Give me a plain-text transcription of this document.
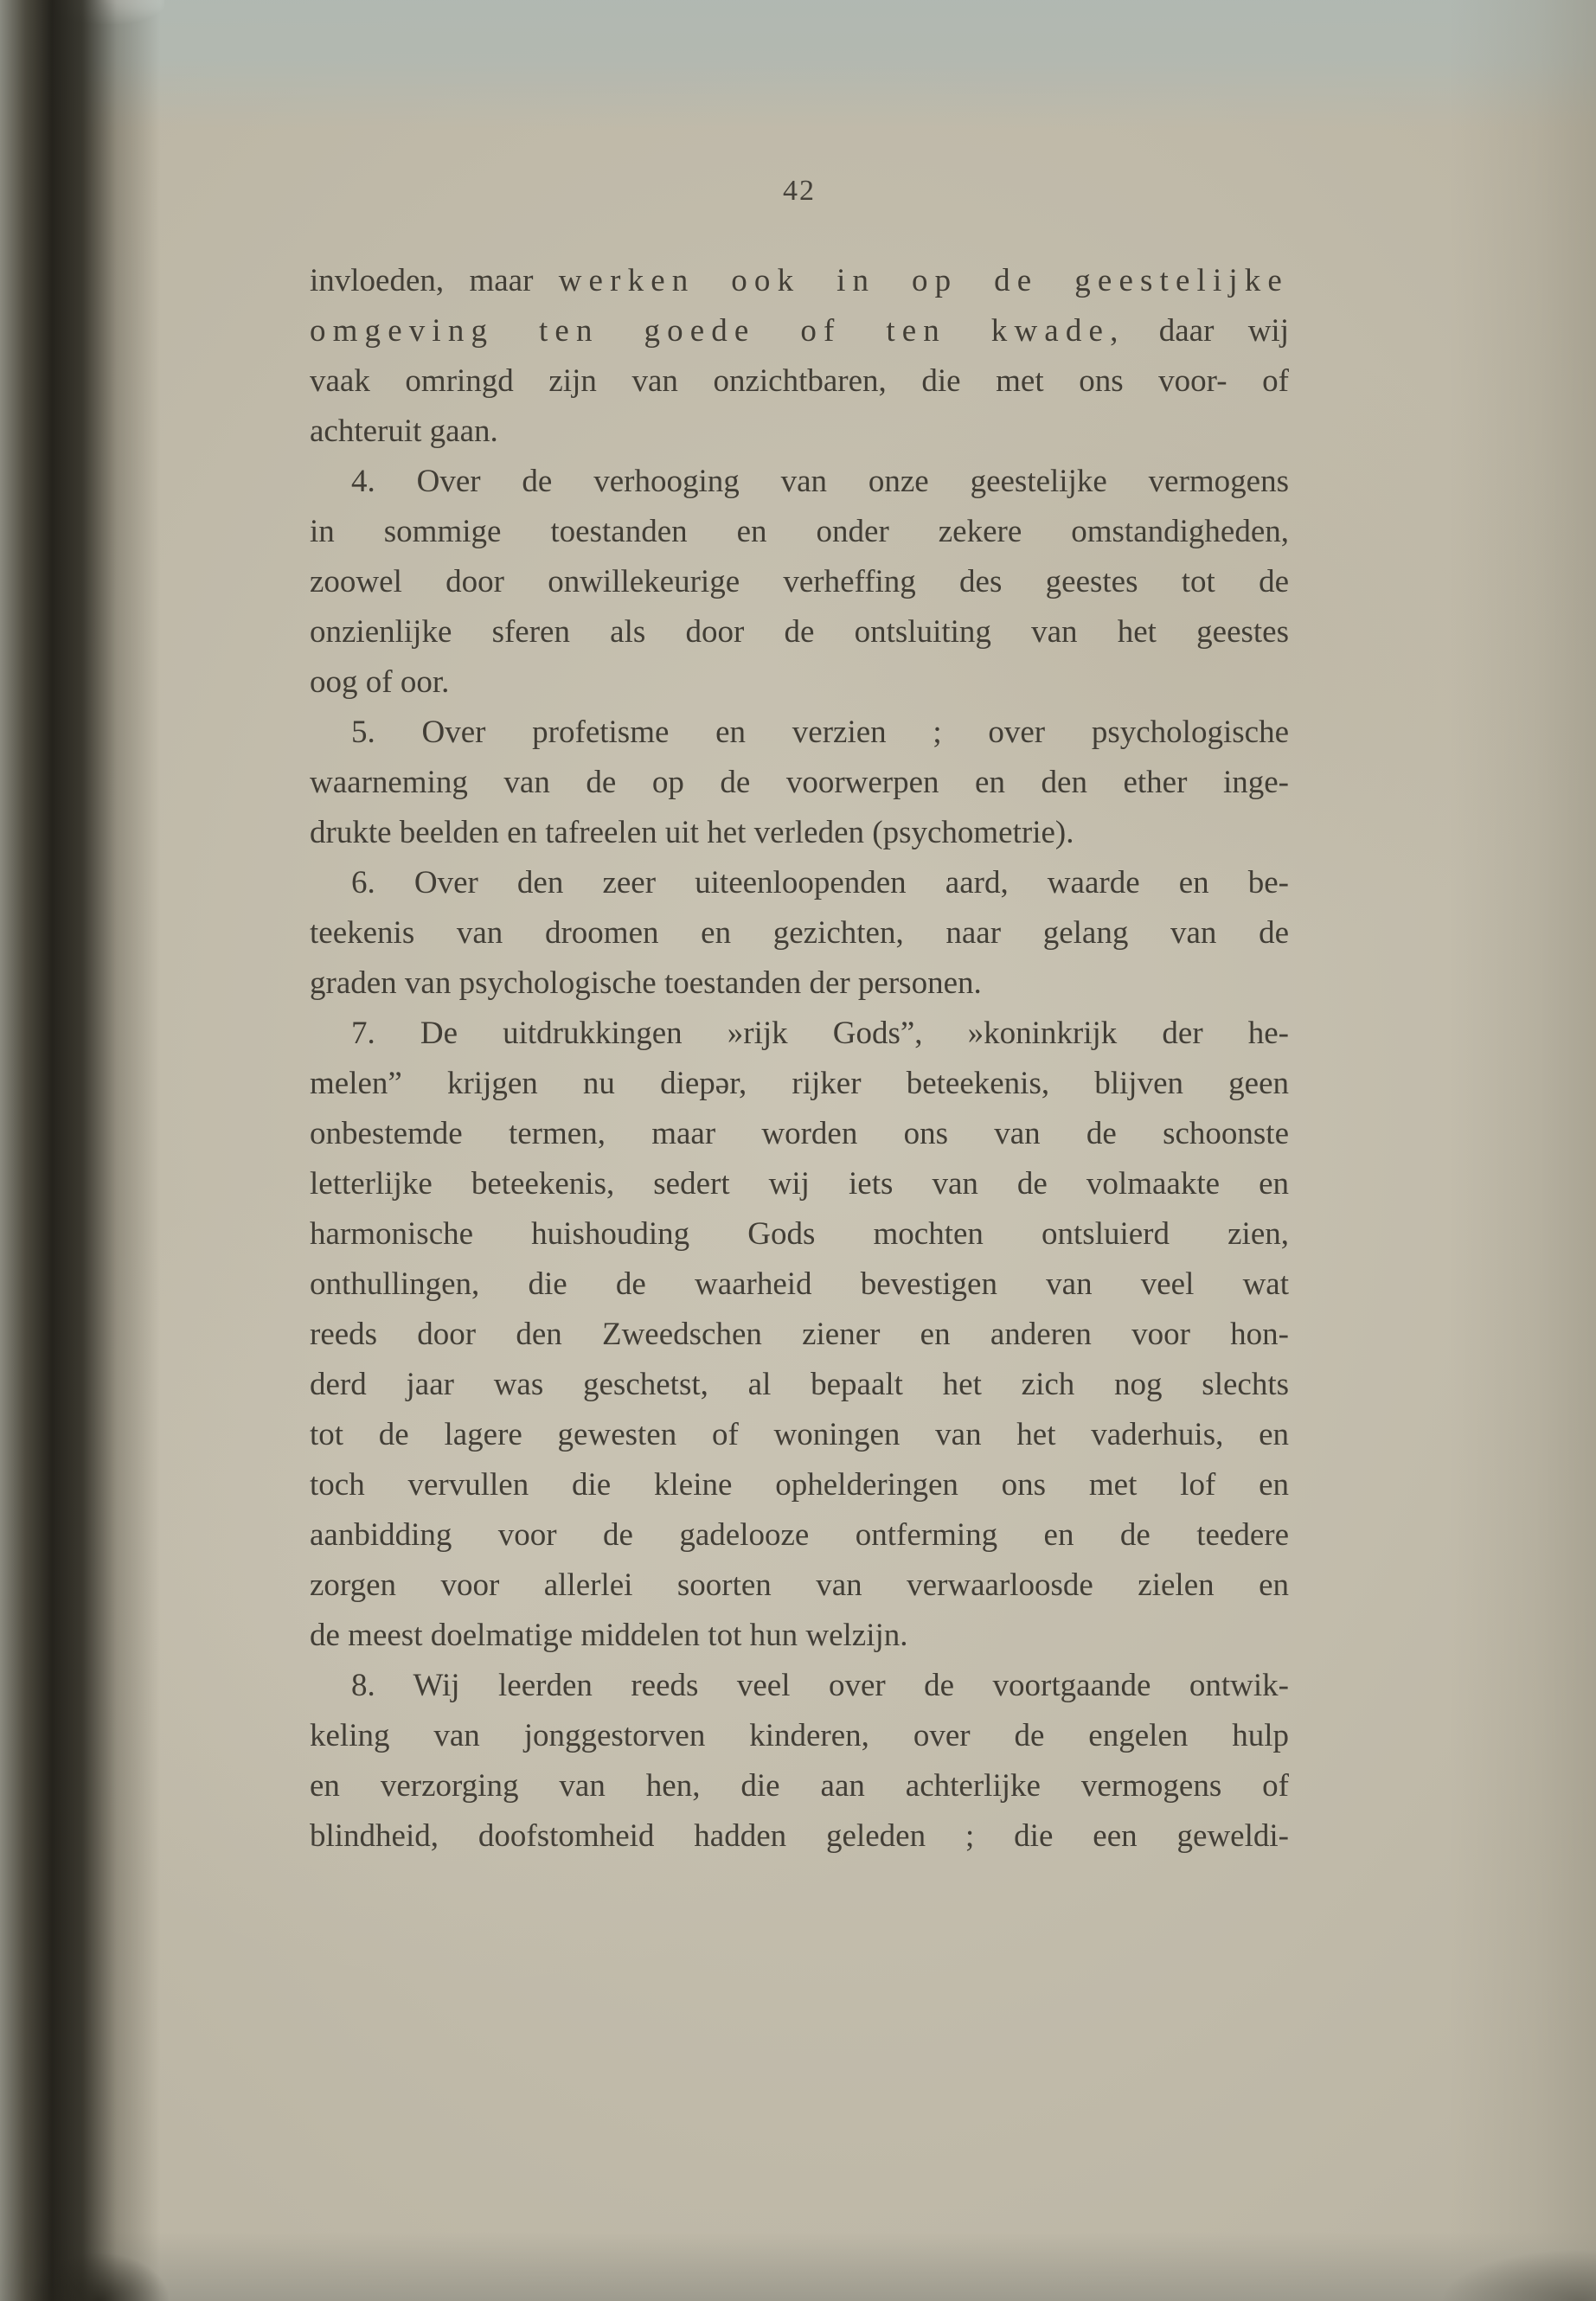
42
invloeden, maar werken ook in op de geestelijke
omgeving ten goede of ten kwade, daar wij
vaak omringd zijn van onzichtbaren, die met ons voor- of
achteruit gaan.
4. Over de verhooging van onze geestelijke vermogens
in sommige toestanden en onder zekere omstandigheden,
zoowel door onwillekeurige verheffing des geestes tot de
onzienlijke sferen als door de ontsluiting van het geestes
oog of oor.
5. Over profetisme en verzien ; over psychologische
waarneming van de op de voorwerpen en den ether inge-
drukte beelden en tafreelen uit het verleden (psychometrie).
6. Over den zeer uiteenloopenden aard, waarde en be-
teekenis van droomen en gezichten, naar gelang van de
graden van psychologische toestanden der personen.
7. De uitdrukkingen »rijk Gods”, »koninkrijk der he-
melen” krijgen nu diepər, rijker beteekenis, blijven geen
onbestemde termen, maar worden ons van de schoonste
letterlijke beteekenis, sedert wij iets van de volmaakte en
harmonische huishouding Gods mochten ontsluierd zien,
onthullingen, die de waarheid bevestigen van veel wat
reeds door den Zweedschen ziener en anderen voor hon-
derd jaar was geschetst, al bepaalt het zich nog slechts
tot de lagere gewesten of woningen van het vaderhuis, en
toch vervullen die kleine ophelderingen ons met lof en
aanbidding voor de gadelooze ontferming en de teedere
zorgen voor allerlei soorten van verwaarloosde zielen en
de meest doelmatige middelen tot hun welzijn.
8. Wij leerden reeds veel over de voortgaande ontwik-
keling van jonggestorven kinderen, over de engelen hulp
en verzorging van hen, die aan achterlijke vermogens of
blindheid, doofstomheid hadden geleden ; die een geweldi-
